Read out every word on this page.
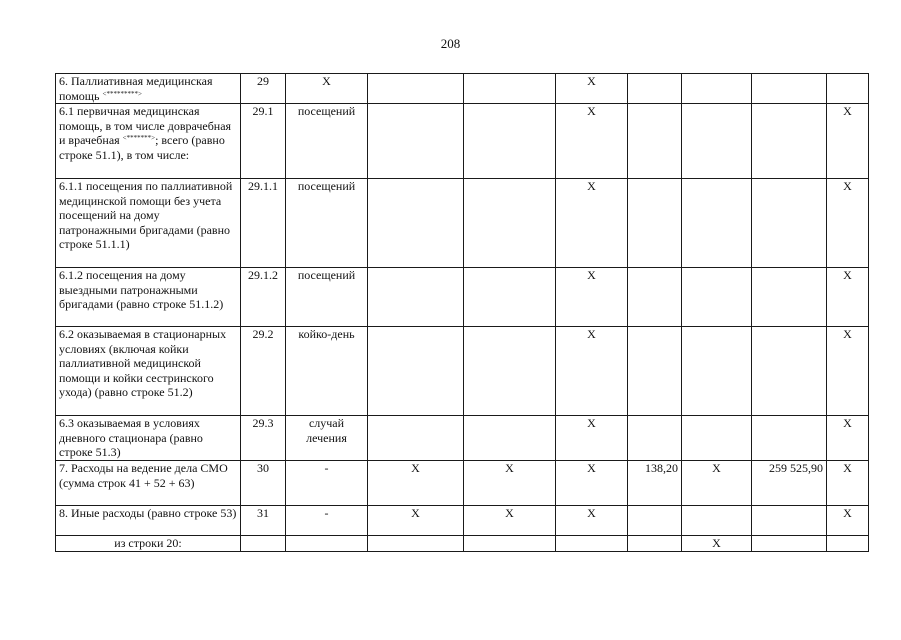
208
6. Паллиативная медицинская помощь <*********>	29	X			X				
6.1 первичная медицинская помощь, в том числе доврачебная и врачебная <*******>; всего (равно строке 51.1), в том числе:	29.1	посещений			X				X
6.1.1 посещения по паллиативной медицинской помощи без учета посещений на дому патронажными бригадами (равно строке 51.1.1)	29.1.1	посещений			X				X
6.1.2 посещения на дому выездными патронажными бригадами (равно строке 51.1.2)	29.1.2	посещений			X				X
6.2 оказываемая в стационарных условиях (включая койки паллиативной медицинской помощи и койки сестринского ухода) (равно строке 51.2)	29.2	койко-день			X				X
6.3 оказываемая в условиях дневного стационара (равно строке 51.3)	29.3	случай лечения			X				X
7. Расходы на ведение дела СМО (сумма строк 41 + 52 + 63)	30	-	X	X	X	138,20	X	259 525,90	X
8. Иные расходы (равно строке 53)	31	-	X	X	X				X
из строки 20:							X		
